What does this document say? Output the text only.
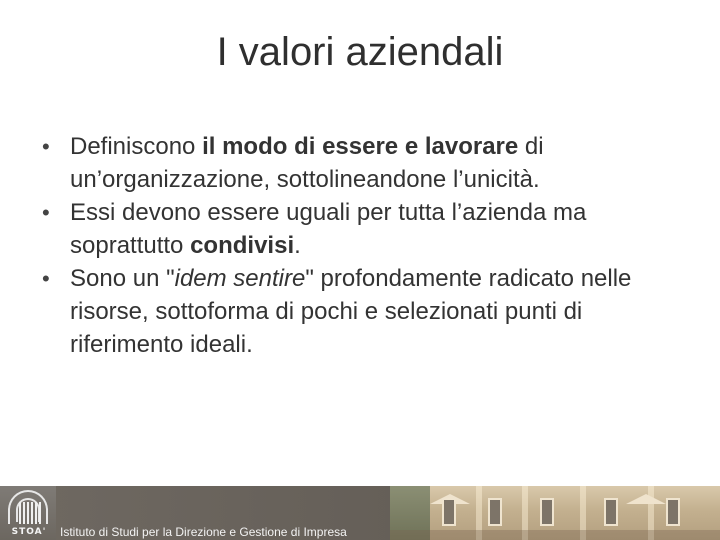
I valori aziendali
• Definiscono il modo di essere e lavorare di un’organizzazione, sottolineandone l’unicità.
• Essi devono essere uguali per tutta l’azienda ma soprattutto condivisi.
• Sono un "idem sentire" profondamente radicato nelle risorse, sottoforma di pochi e selezionati punti di riferimento ideali.
STOA'	Istituto di Studi per la Direzione e Gestione di Impresa
